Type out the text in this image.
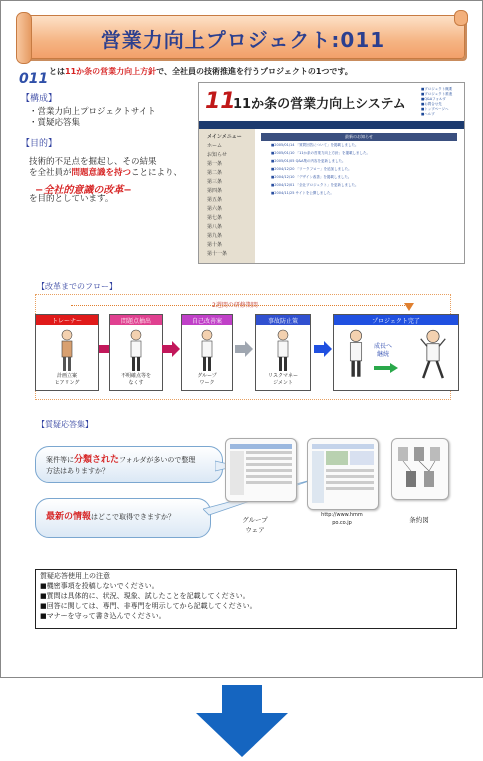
営業力向上プロジェクト:011
011 とは11か条の営業力向上方針で、全社員の技術推進を行うプロジェクトの1つです。
【構成】
・営業力向上プロジェクトサイト
・質疑応答集
【目的】
技術的不足点を掘起し、その結果
を全社員が問題意識を持つことにより、
−全社的意識の改革−
を目的としています。
11
11か条の営業力向上システム
■プロジェクト概要
■プロジェクト推進
■Q&Aフォルダ
■お問合せ先
■トップページへ
■ヘルプ
メインメニュー
ホーム
お知らせ
第一条
第二条
第三条
第四条
第五条
第六条
第七条
第八条
第九条
第十条
第十一条
最新のお知らせ
■2005/01/14 「質問回答について」を掲載しました。
■2005/01/10 「11か条の営業力向上方針」を掲載しました。
■2005/01/05 Q&A集の内容を更新しました。
■2004/12/20 「ワークフロー」を追加しました。
■2004/12/10 「デザイン改善」を掲載しました。
■2004/12/01 「全社プロジェクト」を更新しました。
■2004/11/25 サイトを公開しました。
【改革までのフロー】
2週間の研修期間
トレーナー
計画立案
ヒアリング
問題点抽出
不明確点等を
なくす
自己改善案
グループ
ワーク
事故防止策
リスクマネー
ジメント
プロジェクト完了
成長へ
継続
【質疑応答集】
案件等に分類されたフォルダが多いので整理
方法はありますか？
最新の情報はどこで取得できますか？	グループ
ウェア
http://www.hmm
po.co.jp	条約図
質疑応答使用上の注意
■機密事項を投稿しないでください。
■質問は具体的に、状況、現象、試したことを記載してください。
■回答に関しては、専門、非専門を明示してから記載してください。
■マナーを守って書き込んでください。
